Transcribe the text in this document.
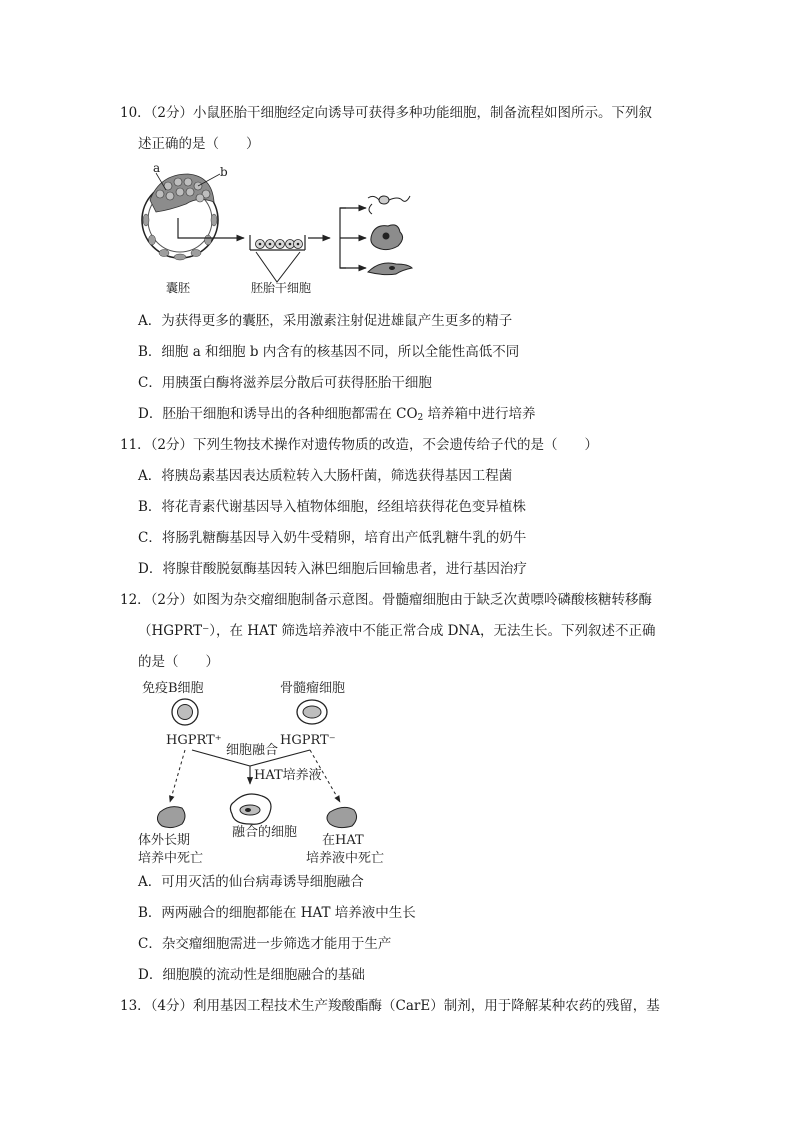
10．（2分）小鼠胚胎干细胞经定向诱导可获得多种功能细胞，制备流程如图所示。下列叙
述正确的是（　　）
a	b
囊胚	胚胎干细胞
A．为获得更多的囊胚，采用激素注射促进雄鼠产生更多的精子
B．细胞 a 和细胞 b 内含有的核基因不同，所以全能性高低不同
C．用胰蛋白酶将滋养层分散后可获得胚胎干细胞
D．胚胎干细胞和诱导出的各种细胞都需在 $CO_2$ 培养箱中进行培养
11．（2分）下列生物技术操作对遗传物质的改造，不会遗传给子代的是（　　）
A．将胰岛素基因表达质粒转入大肠杆菌，筛选获得基因工程菌
B．将花青素代谢基因导入植物体细胞，经组培获得花色变异植株
C．将肠乳糖酶基因导入奶牛受精卵，培育出产低乳糖牛乳的奶牛
D．将腺苷酸脱氨酶基因转入淋巴细胞后回输患者，进行基因治疗
12．（2分）如图为杂交瘤细胞制备示意图。骨髓瘤细胞由于缺乏次黄嘌呤磷酸核糖转移酶
（HGPRT⁻），在 HAT 筛选培养液中不能正常合成 DNA，无法生长。下列叙述不正确
的是（　　）
免疫B细胞	骨髓瘤细胞
HGPRT⁺	HGPRT⁻
细胞融合
HAT培养液
融合的细胞
体外长期
培养中死亡
在HAT
培养液中死亡
A．可用灭活的仙台病毒诱导细胞融合
B．两两融合的细胞都能在 HAT 培养液中生长
C．杂交瘤细胞需进一步筛选才能用于生产
D．细胞膜的流动性是细胞融合的基础
13．（4分）利用基因工程技术生产羧酸酯酶（CarE）制剂，用于降解某种农药的残留，基
